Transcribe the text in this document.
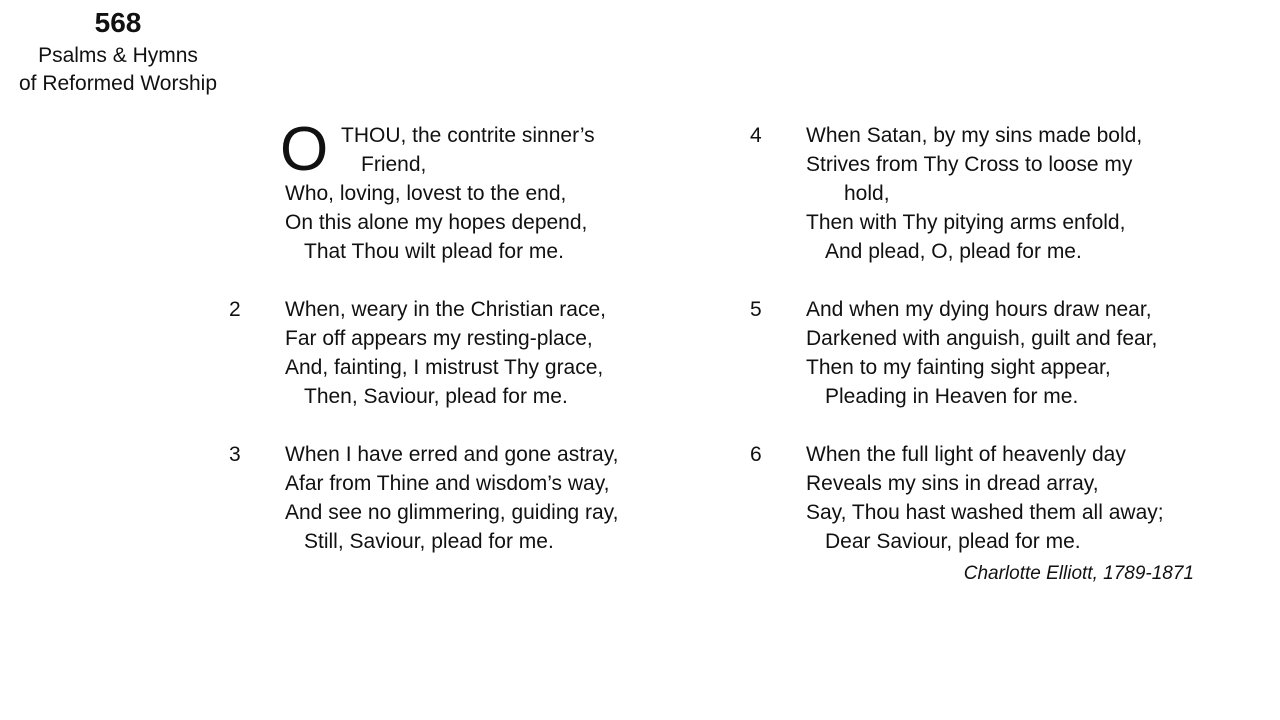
568
Psalms & Hymns
of Reformed Worship
O THOU, the contrite sinner’s
Friend,
Who, loving, lovest to the end,
On this alone my hopes depend,
That Thou wilt plead for me.
2 When, weary in the Christian race,
Far off appears my resting-place,
And, fainting, I mistrust Thy grace,
Then, Saviour, plead for me.
3 When I have erred and gone astray,
Afar from Thine and wisdom’s way,
And see no glimmering, guiding ray,
Still, Saviour, plead for me.
4 When Satan, by my sins made bold,
Strives from Thy Cross to loose my
hold,
Then with Thy pitying arms enfold,
And plead, O, plead for me.
5 And when my dying hours draw near,
Darkened with anguish, guilt and fear,
Then to my fainting sight appear,
Pleading in Heaven for me.
6 When the full light of heavenly day
Reveals my sins in dread array,
Say, Thou hast washed them all away;
Dear Saviour, plead for me.
Charlotte Elliott, 1789-1871
